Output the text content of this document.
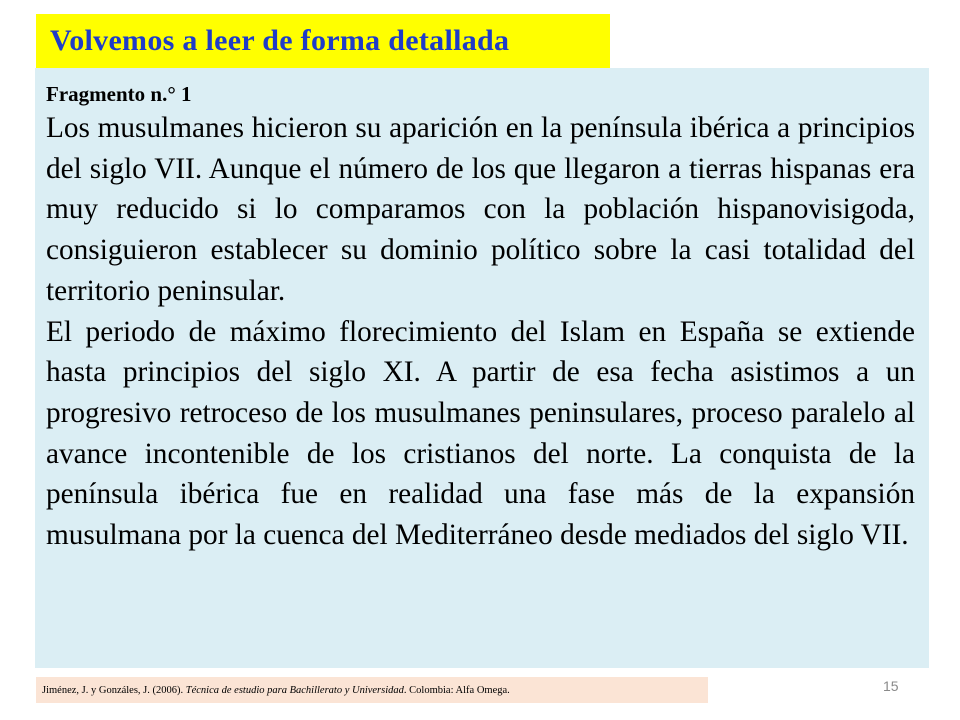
Volvemos a leer de forma detallada

Fragmento n.° 1

Los musulmanes hicieron su aparición en la península ibérica a principios del siglo VII. Aunque el número de los que llegaron a tierras hispanas era muy reducido si lo comparamos con la población hispanovisigoda, consiguieron establecer su dominio político sobre la casi totalidad del territorio peninsular.

El periodo de máximo florecimiento del Islam en España se extiende hasta principios del siglo XI. A partir de esa fecha asistimos a un progresivo retroceso de los musulmanes peninsulares, proceso paralelo al avance incontenible de los cristianos del norte. La conquista de la península ibérica fue en realidad una fase más de la expansión musulmana por la cuenca del Mediterráneo desde mediados del siglo VII.

Jiménez, J. y Gonzáles, J. (2006). Técnica de estudio para Bachillerato y Universidad. Colombia: Alfa Omega.	15
